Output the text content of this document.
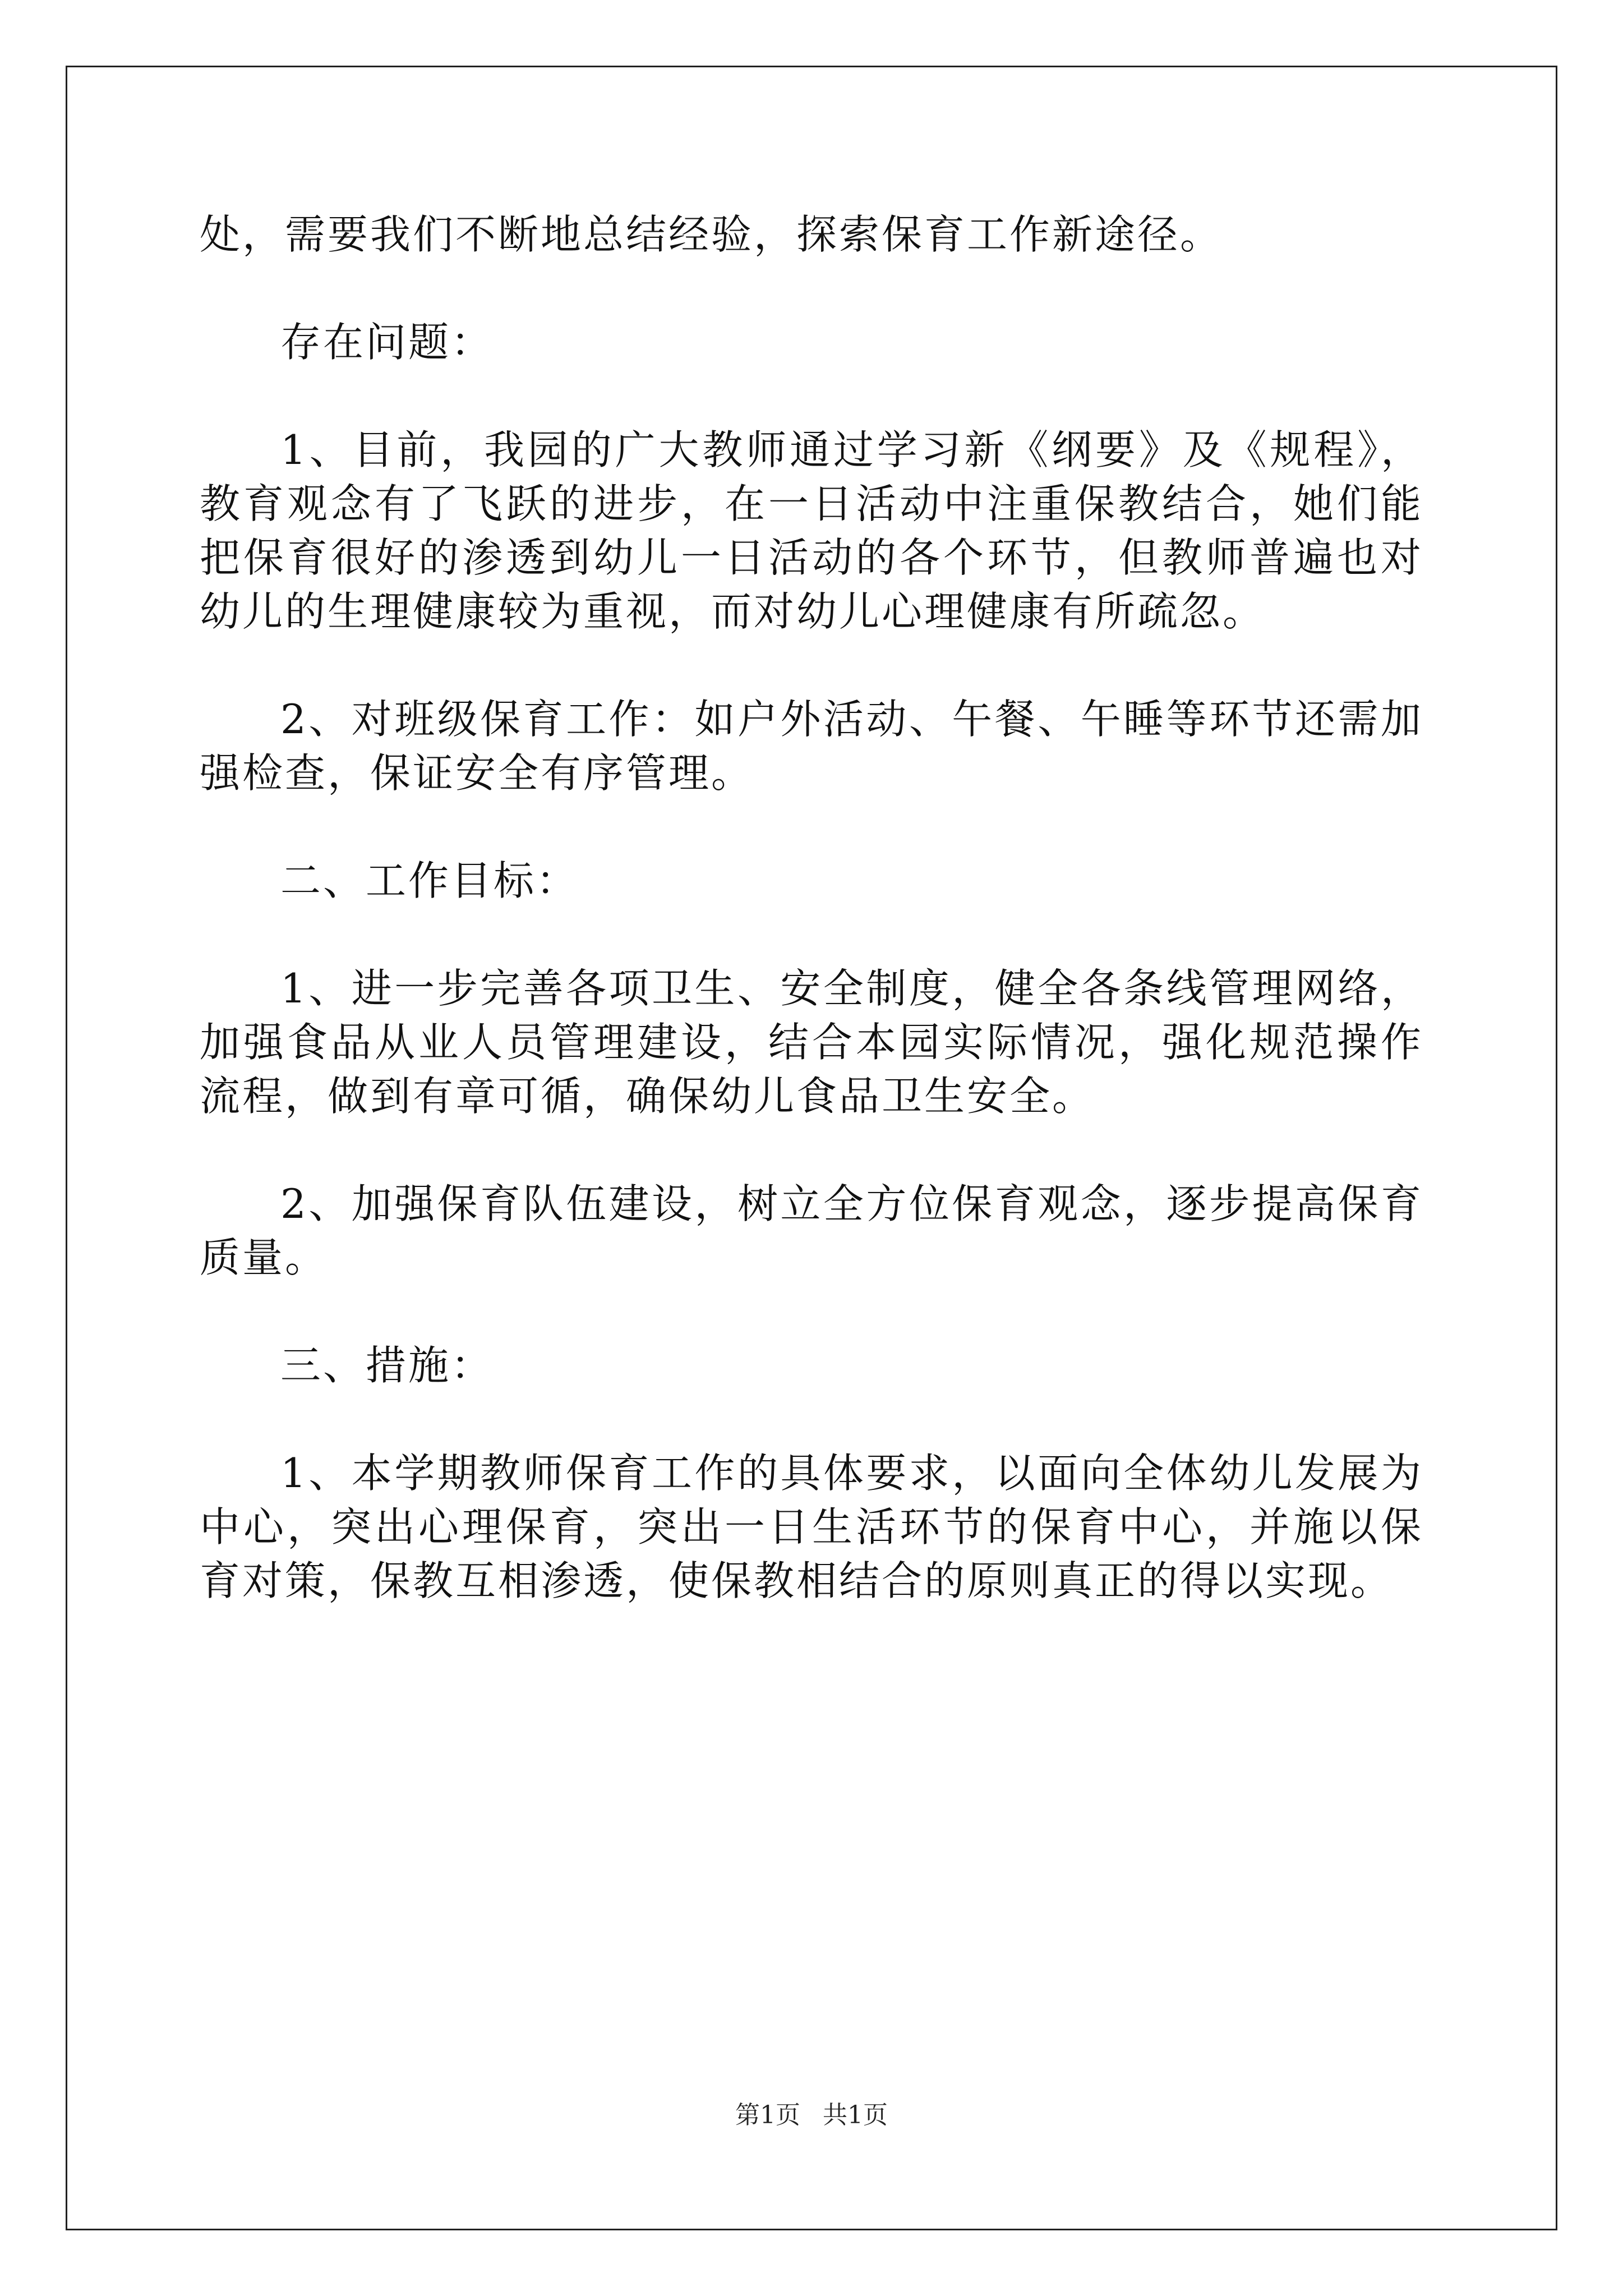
处，需要我们不断地总结经验，探索保育工作新途径。

存在问题：

1、目前，我园的广大教师通过学习新《纲要》及《规程》，教育观念有了飞跃的进步，在一日活动中注重保教结合，她们能把保育很好的渗透到幼儿一日活动的各个环节，但教师普遍也对幼儿的生理健康较为重视，而对幼儿心理健康有所疏忽。

2、对班级保育工作：如户外活动、午餐、午睡等环节还需加强检查，保证安全有序管理。

二、工作目标：

1、进一步完善各项卫生、安全制度，健全各条线管理网络，加强食品从业人员管理建设，结合本园实际情况，强化规范操作流程，做到有章可循，确保幼儿食品卫生安全。

2、加强保育队伍建设，树立全方位保育观念，逐步提高保育质量。

三、措施：

1、本学期教师保育工作的具体要求，以面向全体幼儿发展为中心，突出心理保育，突出一日生活环节的保育中心，并施以保育对策，保教互相渗透，使保教相结合的原则真正的得以实现。

第1页 共1页
